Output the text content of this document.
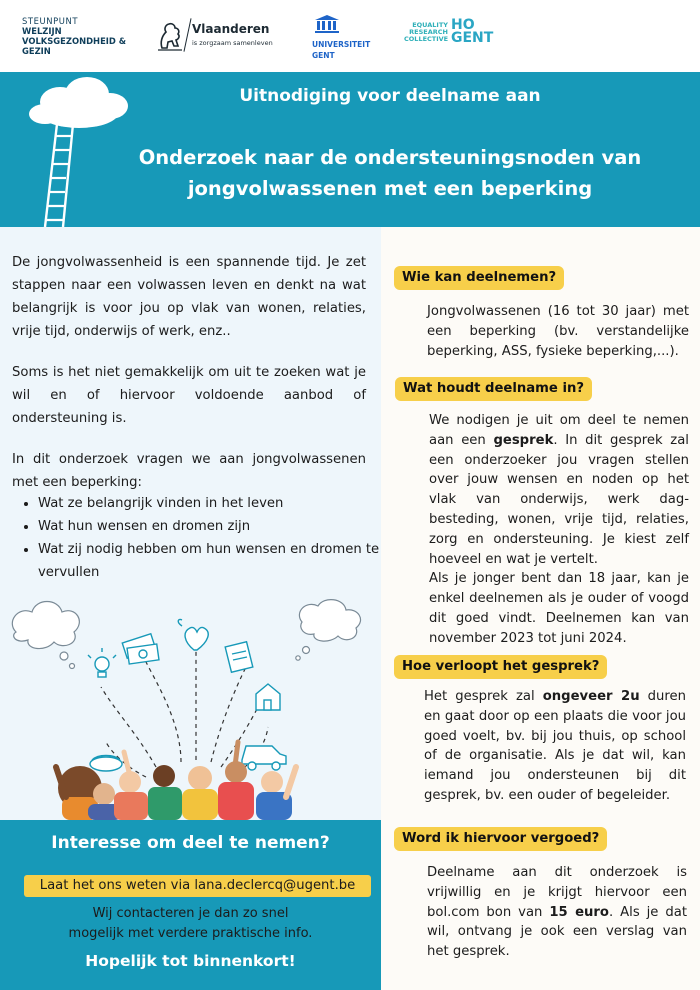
STEUNPUNT
WELZIJN
VOLKSGEZONDHEID &
GEZIN
Vlaanderen
is zorgzaam samenleven	UNIVERSITEIT
GENT
EQUALITY
RESEARCH
COLLECTIVE
HO
GENT
Uitnodiging voor deelname aan
Onderzoek naar de ondersteuningsnoden van
jongvolwassenen met een beperking

De jongvolwassenheid is een spannende tijd. Je zet stappen naar een volwassen leven en denkt na wat belangrijk is voor jou op vlak van wonen, relaties, vrije tijd, onderwijs of werk, enz..

Soms is het niet gemakkelijk om uit te zoeken wat je wil en of hiervoor voldoende aanbod of ondersteuning is.

In dit onderzoek vragen we aan jongvolwassenen met een beperking:

• Wat ze belangrijk vinden in het leven
• Wat hun wensen en dromen zijn
• Wat zij nodig hebben om hun wensen en dromen te vervullen
Interesse om deel te nemen?
Laat het ons weten via lana.declercq@ugent.be
Wij contacteren je dan zo snel
mogelijk met verdere praktische info.
Hopelijk tot binnenkort!
Wie kan deelnemen?

Jongvolwassenen (16 tot 30 jaar) met een beperking (bv. verstandelijke beperking, ASS, fysieke beperking,...).

Wat houdt deelname in?

We nodigen je uit om deel te nemen aan een gesprek. In dit gesprek zal een onderzoeker jou vragen stellen over jouw wensen en noden op het vlak van onderwijs, werk dag-besteding, wonen, vrije tijd, relaties, zorg en ondersteuning. Je kiest zelf hoeveel en wat je vertelt.
Als je jonger bent dan 18 jaar, kan je enkel deelnemen als je ouder of voogd dit goed vindt. Deelnemen kan van november 2023 tot juni 2024.

Hoe verloopt het gesprek?

Het gesprek zal ongeveer 2u duren en gaat door op een plaats die voor jou goed voelt, bv. bij jou thuis, op school of de organisatie. Als je dat wil, kan iemand jou ondersteunen bij dit gesprek, bv. een ouder of begeleider.

Word ik hiervoor vergoed?

Deelname aan dit onderzoek is vrijwillig en je krijgt hiervoor een bol.com bon van 15 euro. Als je dat wil, ontvang je ook een verslag van het gesprek.
